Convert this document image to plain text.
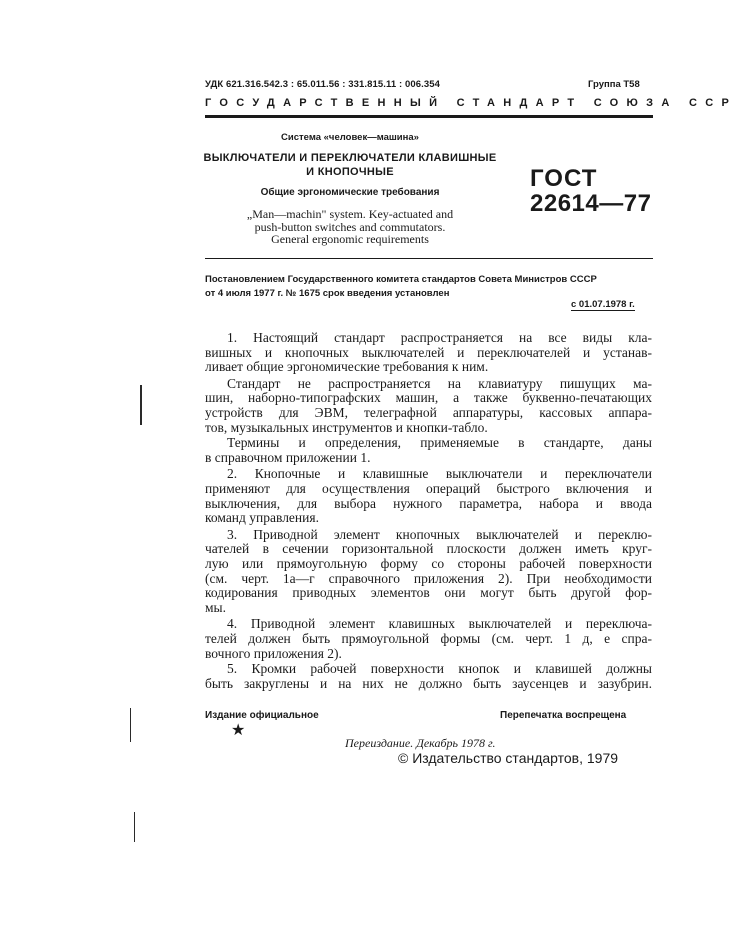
УДК 621.316.542.3 : 65.011.56 : 331.815.11 : 006.354	Группа Т58
ГОСУДАРСТВЕННЫЙ СТАНДАРТ СОЮЗА ССР
Система «человек—машина»
ВЫКЛЮЧАТЕЛИ И ПЕРЕКЛЮЧАТЕЛИ КЛАВИШНЫЕ
И КНОПОЧНЫЕ
Общие эргономические требования
„Man—machin" system. Key-actuated and
push-button switches and commutators.
General ergonomic requirements
ГОСТ
22614—77
Постановлением Государственного комитета стандартов Совета Министров СССР
от 4 июля 1977 г. № 1675 срок введения установлен
с 01.07.1978 г.
1. Настоящий стандарт распространяется на все виды кла-
вишных и кнопочных выключателей и переключателей и устанав-
ливает общие эргономические требования к ним.
Стандарт не распространяется на клавиатуру пишущих ма-
шин, наборно-типографских машин, а также буквенно-печатающих
устройств для ЭВМ, телеграфной аппаратуры, кассовых аппара-
тов, музыкальных инструментов и кнопки-табло.
Термины и определения, применяемые в стандарте, даны
в справочном приложении 1.
2. Кнопочные и клавишные выключатели и переключатели
применяют для осуществления операций быстрого включения и
выключения, для выбора нужного параметра, набора и ввода
команд управления.
3. Приводной элемент кнопочных выключателей и переклю-
чателей в сечении горизонтальной плоскости должен иметь круг-
лую или прямоугольную форму со стороны рабочей поверхности
(см. черт. 1а—г справочного приложения 2). При необходимости
кодирования приводных элементов они могут быть другой фор-
мы.
4. Приводной элемент клавишных выключателей и переключа-
телей должен быть прямоугольной формы (см. черт. 1 д, е спра-
вочного приложения 2).
5. Кромки рабочей поверхности кнопок и клавишей должны
быть закруглены и на них не должно быть заусенцев и зазубрин.
Издание официальное	Перепечатка воспрещена
★
Переиздание. Декабрь 1978 г.
© Издательство стандартов, 1979
